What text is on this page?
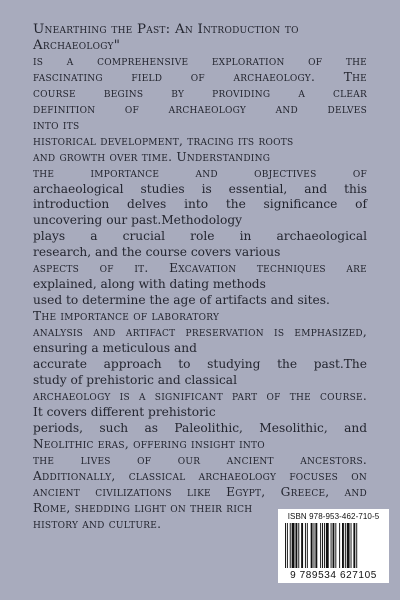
Unearthing the Past: An Introduction to
Archaeology"
is a comprehensive exploration of the
fascinating field of archaeology. The
course begins by providing a clear
definition of archaeology and delves
into its
historical development, tracing its roots
and growth over time. Understanding
the importance and objectives of
archaeological studies is essential, and this
introduction delves into the significance of
uncovering our past.Methodology
plays a crucial role in archaeological
research, and the course covers various
aspects of it. Excavation techniques are
explained, along with dating methods
used to determine the age of artifacts and sites.
The importance of laboratory
analysis and artifact preservation is emphasized,
ensuring a meticulous and
accurate approach to studying the past.The
study of prehistoric and classical
archaeology is a significant part of the course.
It covers different prehistoric
periods, such as Paleolithic, Mesolithic, and
Neolithic eras, offering insight into
the lives of our ancient ancestors.
Additionally, classical archaeology focuses on
ancient civilizations like Egypt, Greece, and
Rome, shedding light on their rich
history and culture.
ISBN 978-953-462-710-5
9 789534 627105
